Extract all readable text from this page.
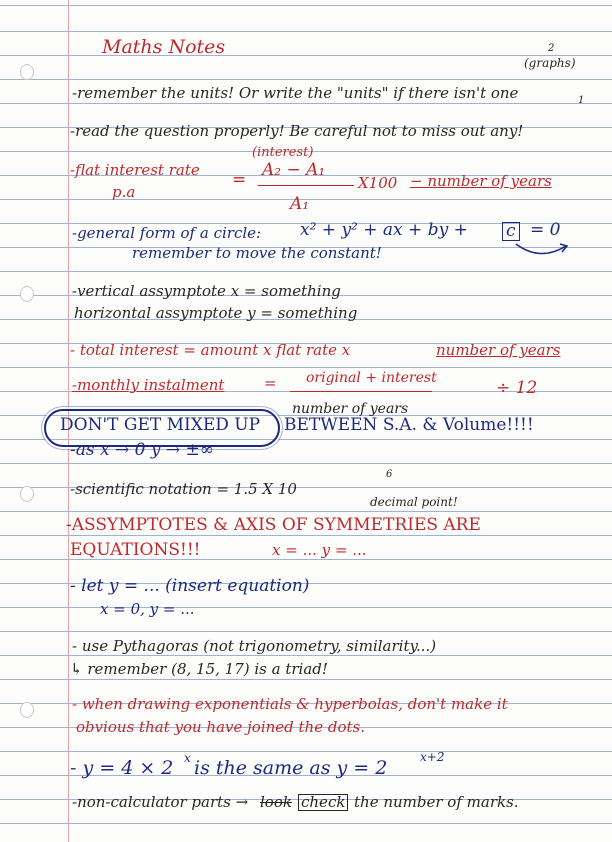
Maths Notes	2
(graphs)
-remember the units! Or write the "units" if there isn't one	1
-read the question properly! Be careful not to miss out any!
(interest)
-flat interest rate
p.a
= A₂ − A₁
A₁
X100 − number of years
-general form of a circle: x² + y² + ax + by + c = 0
remember to move the constant!
-vertical assymptote x = something
horizontal assymptote y = something
- total interest = amount x flat rate x	number of years
-monthly instalment	= original + interest	÷ 12
number of years
DON'T GET MIXED UP BETWEEN S.A. & Volume!!!!
-as x → 0 y → ±∞
-scientific notation = 1.5 X 10
6
decimal point!
-ASSYMPTOTES & AXIS OF SYMMETRIES ARE
EQUATIONS!!!	x = ... y = ...
- let y = ... (insert equation)
x = 0, y = ...
- use Pythagoras (not trigonometry, similarity...)
↳ remember (8, 15, 17) is a triad!
- when drawing exponentials & hyperbolas, don't make it
obvious that you have joined the dots.
- y = 4 × 2 x is the same as y = 2	x+2
-non-calculator parts → look check the number of marks.
